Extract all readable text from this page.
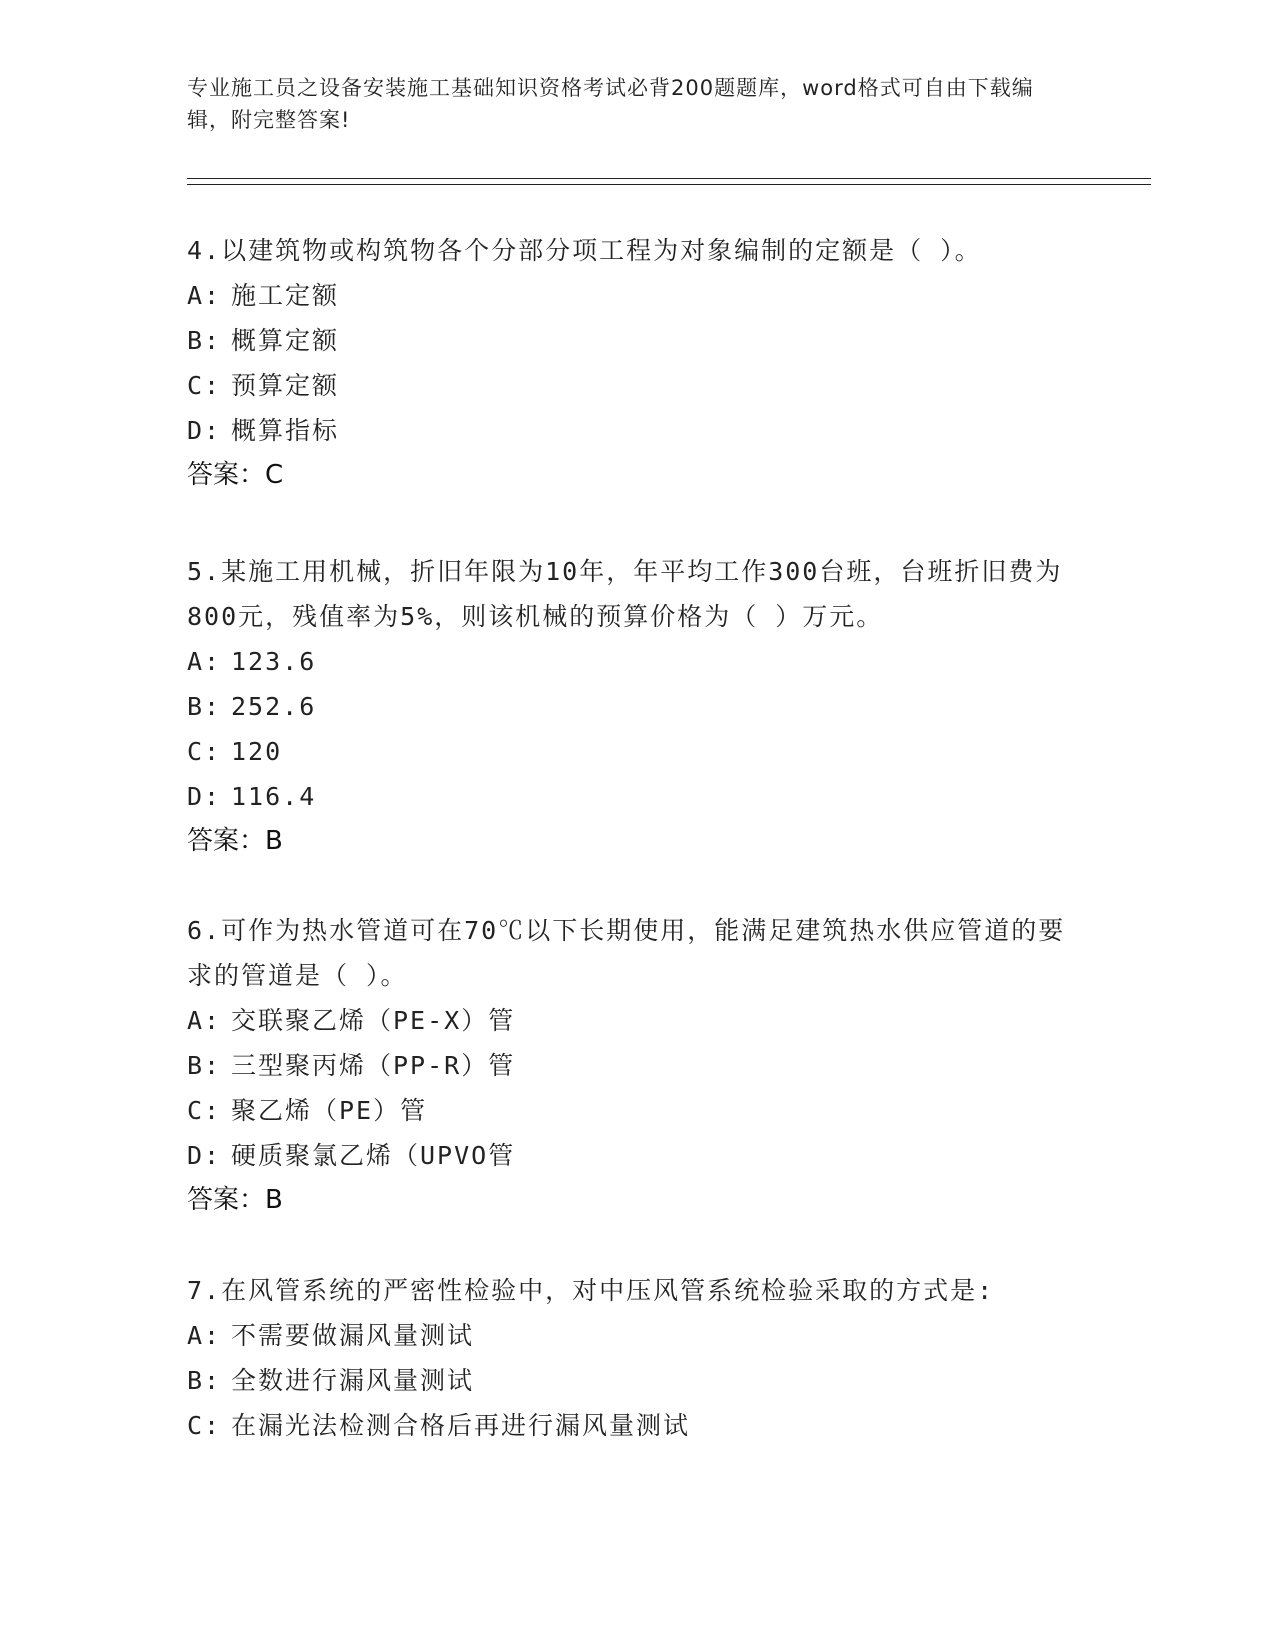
专业施工员之设备安装施工基础知识资格考试必背200题题库，word格式可自由下载编辑，附完整答案!

4.以建筑物或构筑物各个分部分项工程为对象编制的定额是（ ）。

A: 施工定额

B: 概算定额

C: 预算定额

D: 概算指标

答案：C

5.某施工用机械，折旧年限为10年，年平均工作300台班，台班折旧费为800元，残值率为5%，则该机械的预算价格为（ ）万元。

A: 123.6

B: 252.6

C: 120

D: 116.4

答案：B

6.可作为热水管道可在70℃以下长期使用，能满足建筑热水供应管道的要求的管道是（ ）。

A: 交联聚乙烯（PE-X）管

B: 三型聚丙烯（PP-R）管

C: 聚乙烯（PE）管

D: 硬质聚氯乙烯（UPVO管

答案：B

7.在风管系统的严密性检验中，对中压风管系统检验采取的方式是:

A: 不需要做漏风量测试

B: 全数进行漏风量测试

C: 在漏光法检测合格后再进行漏风量测试
